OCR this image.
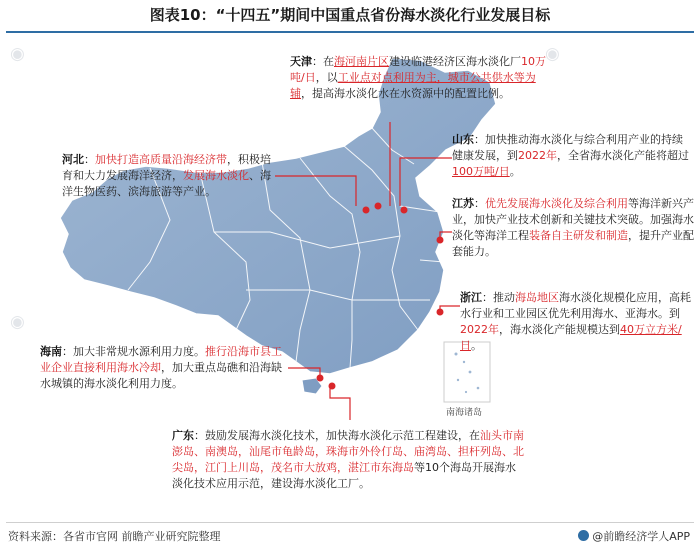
图表10：“十四五”期间中国重点省份海水淡化行业发展目标
◉	◉
◉
南海诸岛
天津：在海河南片区建设临港经济区海水淡化厂10万吨/日，以工业点对点利用为主，城市公共供水等为辅，提高海水淡化水在水资源中的配置比例。
河北：加快打造高质量沿海经济带，积极培育和大力发展海洋经济，发展海水淡化、海洋生物医药、滨海旅游等产业。
山东：加快推动海水淡化与综合利用产业的持续健康发展，到2022年，全省海水淡化产能将超过100万吨/日。
江苏：优先发展海水淡化及综合利用等海洋新兴产业，加快产业技术创新和关键技术突破。加强海水淡化等海洋工程装备自主研发和制造，提升产业配套能力。
浙江：推动海岛地区海水淡化规模化应用，高耗水行业和工业园区优先利用海水、亚海水。到2022年，海水淡化产能规模达到40万立方米/日。
海南：加大非常规水源利用力度。推行沿海市县工业企业直接利用海水冷却，加大重点岛礁和沿海缺水城镇的海水淡化利用力度。
广东：鼓励发展海水淡化技术，加快海水淡化示范工程建设，在汕头市南澎岛、南澳岛，汕尾市龟龄岛，珠海市外伶仃岛、庙湾岛、担杆列岛、北尖岛，江门上川岛，茂名市大放鸡，湛江市东海岛等10个海岛开展海水淡化技术应用示范，建设海水淡化工厂。
资料来源：各省市官网 前瞻产业研究院整理	@前瞻经济学人APP
